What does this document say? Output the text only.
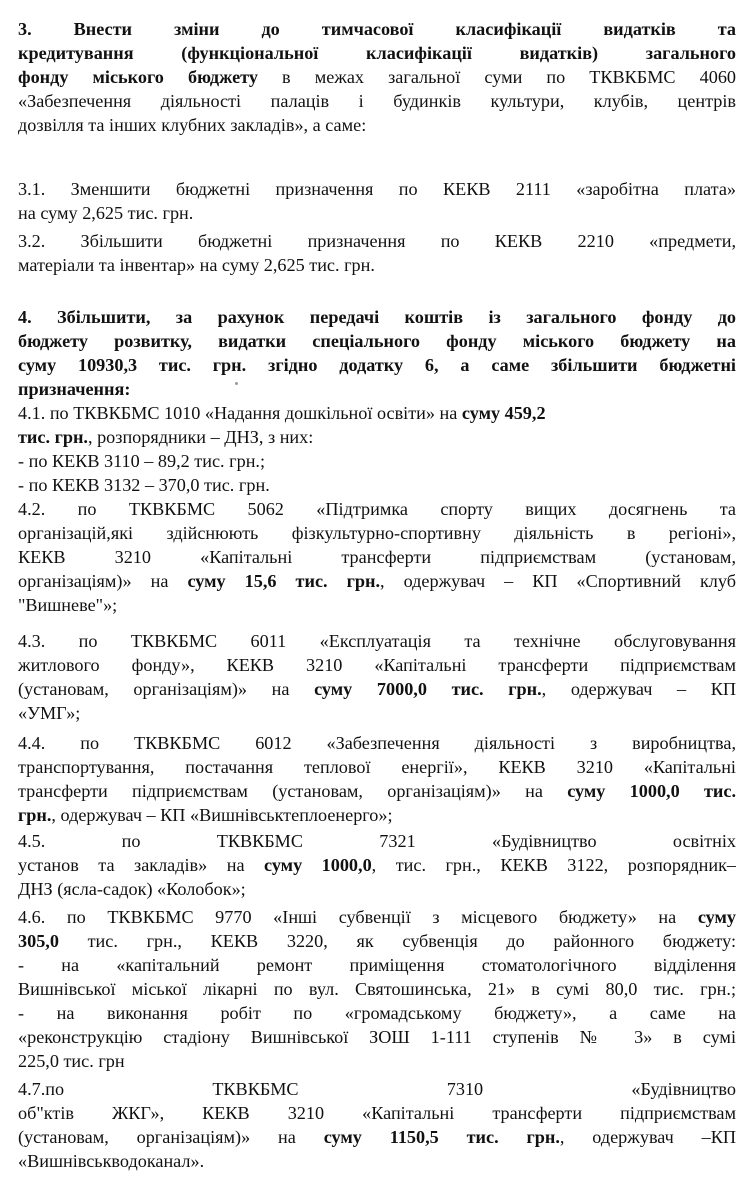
3. Внести зміни до тимчасової класифікації видатків та
кредитування (функціональної класифікації видатків) загального
фонду міського бюджету в межах загальної суми по ТКВКБМС 4060
«Забезпечення діяльності палаців і будинків культури, клубів, центрів
дозвілля та інших клубних закладів», а саме:
3.1. Зменшити бюджетні призначення по КЕКВ 2111 «заробітна плата»
на суму 2,625 тис. грн.
3.2. Збільшити бюджетні призначення по КЕКВ 2210 «предмети,
матеріали та інвентар» на суму 2,625 тис. грн.
4. Збільшити, за рахунок передачі коштів із загального фонду до
бюджету розвитку, видатки спеціального фонду міського бюджету на
суму 10930,3 тис. грн. згідно додатку 6, а саме збільшити бюджетні
призначення:
4.1. по ТКВКБМС 1010 «Надання дошкільної освіти» на суму 459,2
тис. грн., розпорядники – ДНЗ, з них:
- по КЕКВ 3110 – 89,2 тис. грн.;
- по КЕКВ 3132 – 370,0 тис. грн.
4.2. по ТКВКБМС 5062 «Підтримка спорту вищих досягнень та
організацій,які здійснюють фізкультурно-спортивну діяльність в регіоні»,
КЕКВ 3210 «Капітальні трансферти підприємствам (установам,
організаціям)» на суму 15,6 тис. грн., одержувач – КП «Спортивний клуб
"Вишневе"»;
4.3. по ТКВКБМС 6011 «Експлуатація та технічне обслуговування
житлового фонду», КЕКВ 3210 «Капітальні трансферти підприємствам
(установам, організаціям)» на суму 7000,0 тис. грн., одержувач – КП
«УМГ»;
4.4. по ТКВКБМС 6012 «Забезпечення діяльності з виробництва,
транспортування, постачання теплової енергії», КЕКВ 3210 «Капітальні
трансферти підприємствам (установам, організаціям)» на суму 1000,0 тис.
грн., одержувач – КП «Вишнівськтеплоенерго»;
4.5. по ТКВКБМС 7321 «Будівництво освітніх
установ та закладів» на суму 1000,0, тис. грн., КЕКВ 3122, розпорядник–
ДНЗ (ясла-садок) «Колобок»;
4.6. по ТКВКБМС 9770 «Інші субвенції з місцевого бюджету» на суму
305,0 тис. грн., КЕКВ 3220, як субвенція до районного бюджету:
- на «капітальний ремонт приміщення стоматологічного відділення
Вишнівської міської лікарні по вул. Святошинська, 21» в сумі 80,0 тис. грн.;
- на виконання робіт по «громадському бюджету», а саме на
«реконструкцію стадіону Вишнівської ЗОШ 1-111 ступенів № 3» в сумі
225,0 тис. грн
4.7.по ТКВКБМС 7310 «Будівництво
об"ктів ЖКГ», КЕКВ 3210 «Капітальні трансферти підприємствам
(установам, організаціям)» на суму 1150,5 тис. грн., одержувач –КП
«Вишнівськводоканал».
